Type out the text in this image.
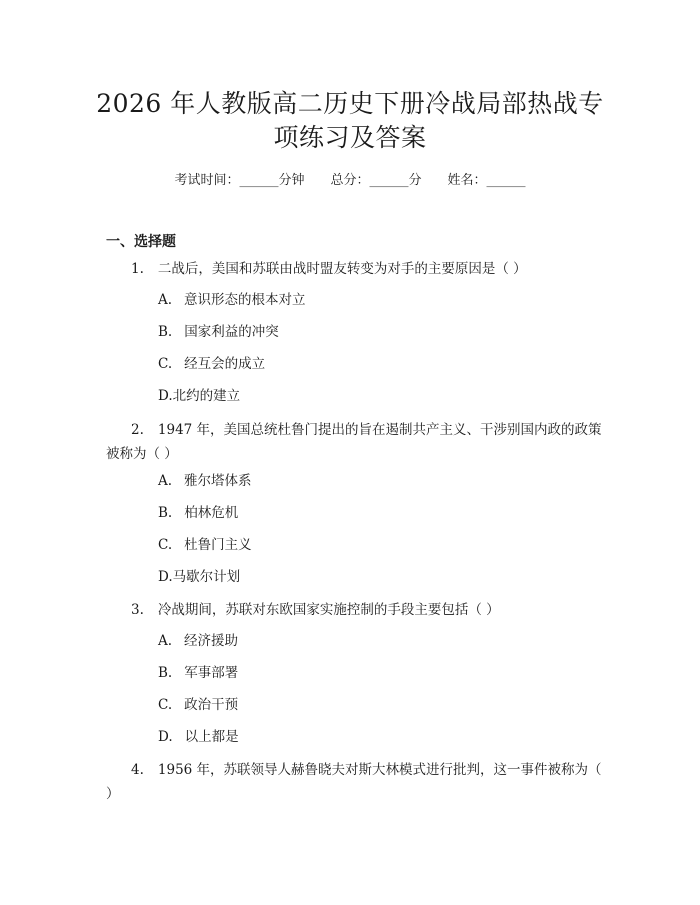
2026 年人教版高二历史下册冷战局部热战专
项练习及答案
考试时间：______分钟 总分：______分 姓名：______
一、选择题
1. 二战后，美国和苏联由战时盟友转变为对手的主要原因是（ ）
A. 意识形态的根本对立
B. 国家利益的冲突
C. 经互会的成立
D.北约的建立
2. 1947 年，美国总统杜鲁门提出的旨在遏制共产主义、干涉别国内政的政策被称为（ ）
A. 雅尔塔体系
B. 柏林危机
C. 杜鲁门主义
D.马歇尔计划
3. 冷战期间，苏联对东欧国家实施控制的手段主要包括（ ）
A. 经济援助
B. 军事部署
C. 政治干预
D. 以上都是
4. 1956 年，苏联领导人赫鲁晓夫对斯大林模式进行批判，这一事件被称为（ ）
